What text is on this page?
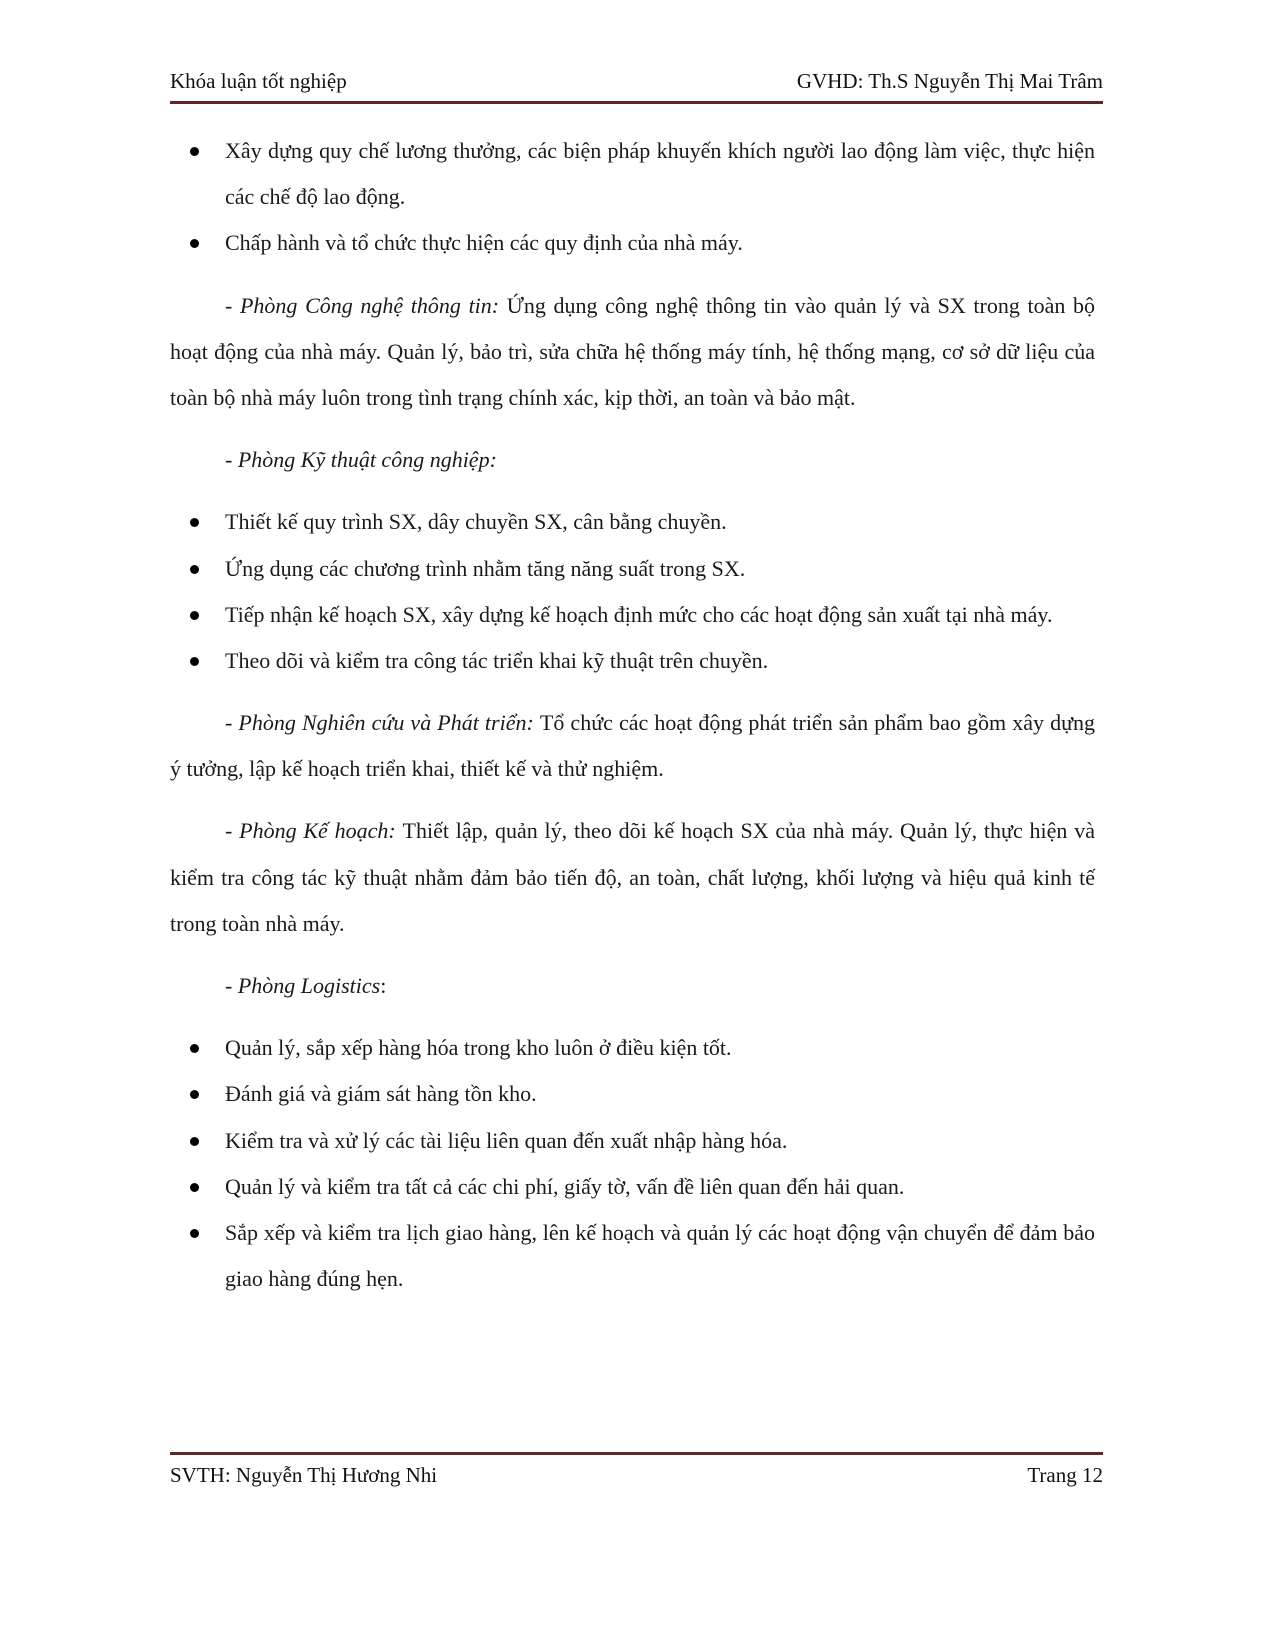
Khóa luận tốt nghiệp	GVHD: Th.S Nguyễn Thị Mai Trâm
Xây dựng quy chế lương thưởng, các biện pháp khuyến khích người lao động làm việc, thực hiện các chế độ lao động.
Chấp hành và tổ chức thực hiện các quy định của nhà máy.

- Phòng Công nghệ thông tin: Ứng dụng công nghệ thông tin vào quản lý và SX trong toàn bộ hoạt động của nhà máy. Quản lý, bảo trì, sửa chữa hệ thống máy tính, hệ thống mạng, cơ sở dữ liệu của toàn bộ nhà máy luôn trong tình trạng chính xác, kịp thời, an toàn và bảo mật.

- Phòng Kỹ thuật công nghiệp:

Thiết kế quy trình SX, dây chuyền SX, cân bằng chuyền.
Ứng dụng các chương trình nhằm tăng năng suất trong SX.
Tiếp nhận kế hoạch SX, xây dựng kế hoạch định mức cho các hoạt động sản xuất tại nhà máy.
Theo dõi và kiểm tra công tác triển khai kỹ thuật trên chuyền.

- Phòng Nghiên cứu và Phát triển: Tổ chức các hoạt động phát triển sản phẩm bao gồm xây dựng ý tưởng, lập kế hoạch triển khai, thiết kế và thử nghiệm.

- Phòng Kế hoạch: Thiết lập, quản lý, theo dõi kế hoạch SX của nhà máy. Quản lý, thực hiện và kiểm tra công tác kỹ thuật nhằm đảm bảo tiến độ, an toàn, chất lượng, khối lượng và hiệu quả kinh tế trong toàn nhà máy.

- Phòng Logistics:

Quản lý, sắp xếp hàng hóa trong kho luôn ở điều kiện tốt.
Đánh giá và giám sát hàng tồn kho.
Kiểm tra và xử lý các tài liệu liên quan đến xuất nhập hàng hóa.
Quản lý và kiểm tra tất cả các chi phí, giấy tờ, vấn đề liên quan đến hải quan.
Sắp xếp và kiểm tra lịch giao hàng, lên kế hoạch và quản lý các hoạt động vận chuyển để đảm bảo giao hàng đúng hẹn.
SVTH: Nguyễn Thị Hương Nhi	Trang 12
